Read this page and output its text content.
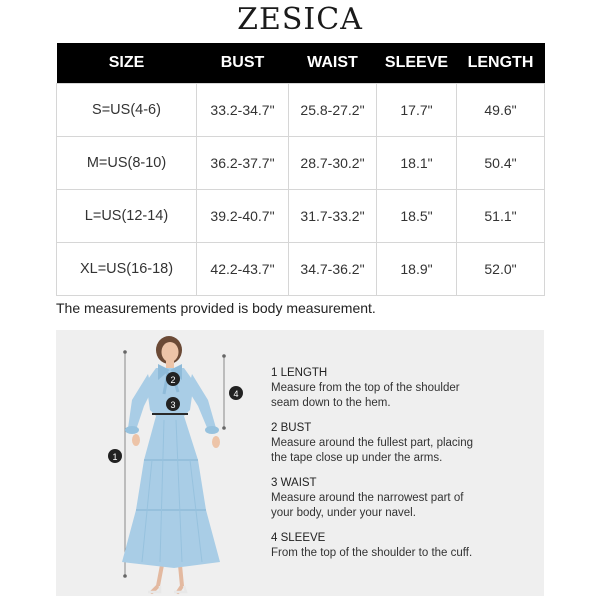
ZESICA
SIZE	BUST	WAIST	SLEEVE	LENGTH
S=US(4-6)	33.2-34.7"	25.8-27.2"	17.7"	49.6"
M=US(8-10)	36.2-37.7"	28.7-30.2"	18.1"	50.4"
L=US(12-14)	39.2-40.7"	31.7-33.2"	18.5"	51.1"
XL=US(16-18)	42.2-43.7"	34.7-36.2"	18.9"	52.0"
The measurements provided is body measurement.
1
2
3
4
1 LENGTH
Measure from the top of the shoulder
seam down to the hem.
2 BUST
Measure around the fullest part, placing
the tape close up under the arms.
3 WAIST
Measure around the narrowest part of
your body, under your navel.
4 SLEEVE
From the top of the shoulder to the cuff.
